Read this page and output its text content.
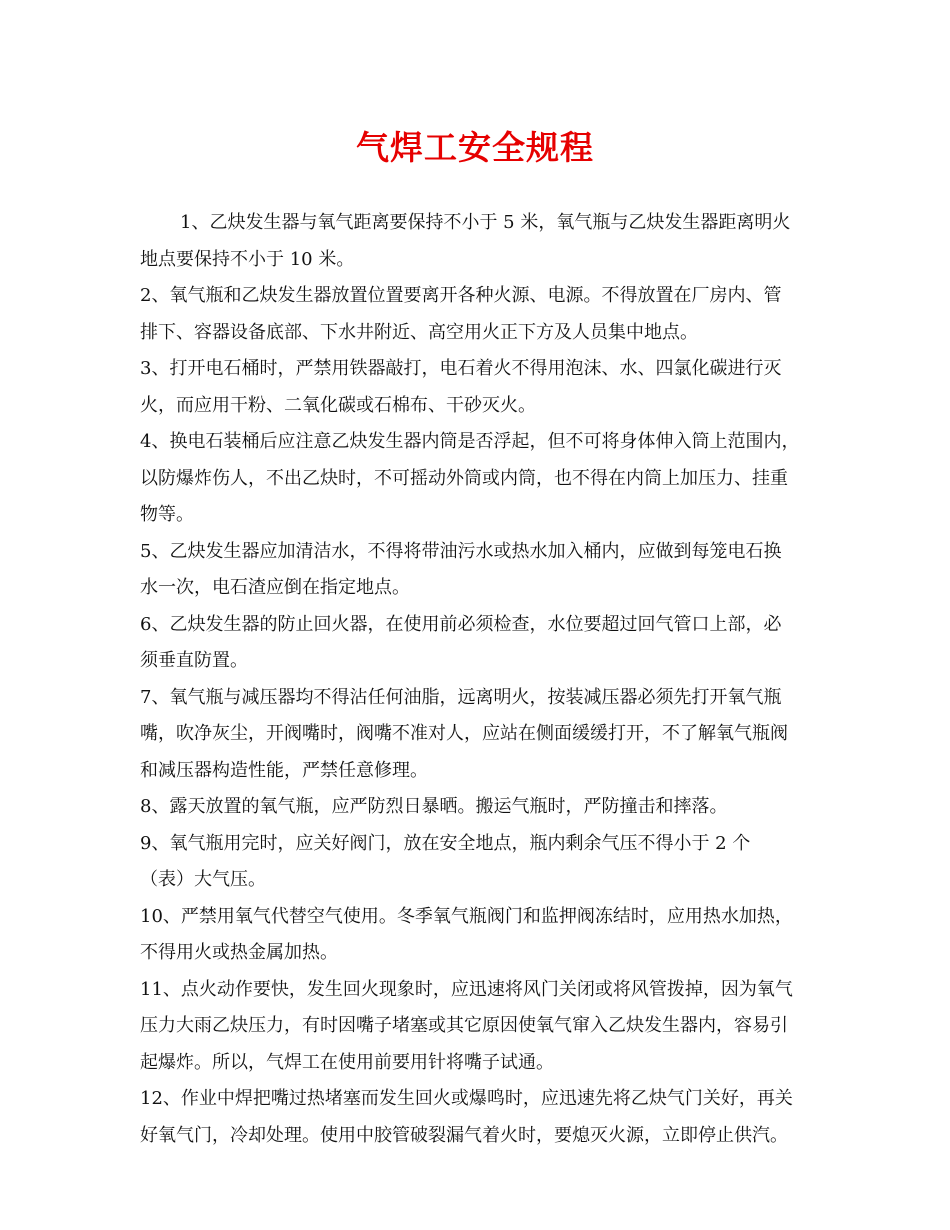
气焊工安全规程
1、乙炔发生器与氧气距离要保持不小于 5 米，氧气瓶与乙炔发生器距离明火
地点要保持不小于 10 米。
2、氧气瓶和乙炔发生器放置位置要离开各种火源、电源。不得放置在厂房内、管
排下、容器设备底部、下水井附近、高空用火正下方及人员集中地点。
3、打开电石桶时，严禁用铁器敲打，电石着火不得用泡沫、水、四氯化碳进行灭
火，而应用干粉、二氧化碳或石棉布、干砂灭火。
4、换电石装桶后应注意乙炔发生器内筒是否浮起，但不可将身体伸入筒上范围内，
以防爆炸伤人，不出乙炔时，不可摇动外筒或内筒，也不得在内筒上加压力、挂重
物等。
5、乙炔发生器应加清洁水，不得将带油污水或热水加入桶内，应做到每笼电石换
水一次，电石渣应倒在指定地点。
6、乙炔发生器的防止回火器，在使用前必须检查，水位要超过回气管口上部，必
须垂直防置。
7、氧气瓶与减压器均不得沾任何油脂，远离明火，按装减压器必须先打开氧气瓶
嘴，吹净灰尘，开阀嘴时，阀嘴不准对人，应站在侧面缓缓打开，不了解氧气瓶阀
和减压器构造性能，严禁任意修理。
8、露天放置的氧气瓶，应严防烈日暴晒。搬运气瓶时，严防撞击和摔落。
9、氧气瓶用完时，应关好阀门，放在安全地点，瓶内剩余气压不得小于 2 个
（表）大气压。
10、严禁用氧气代替空气使用。冬季氧气瓶阀门和监押阀冻结时，应用热水加热，
不得用火或热金属加热。
11、点火动作要快，发生回火现象时，应迅速将风门关闭或将风管拨掉，因为氧气
压力大雨乙炔压力，有时因嘴子堵塞或其它原因使氧气窜入乙炔发生器内，容易引
起爆炸。所以，气焊工在使用前要用针将嘴子试通。
12、作业中焊把嘴过热堵塞而发生回火或爆鸣时，应迅速先将乙炔气门关好，再关
好氧气门，冷却处理。使用中胶管破裂漏气着火时，要熄灭火源，立即停止供汽。
